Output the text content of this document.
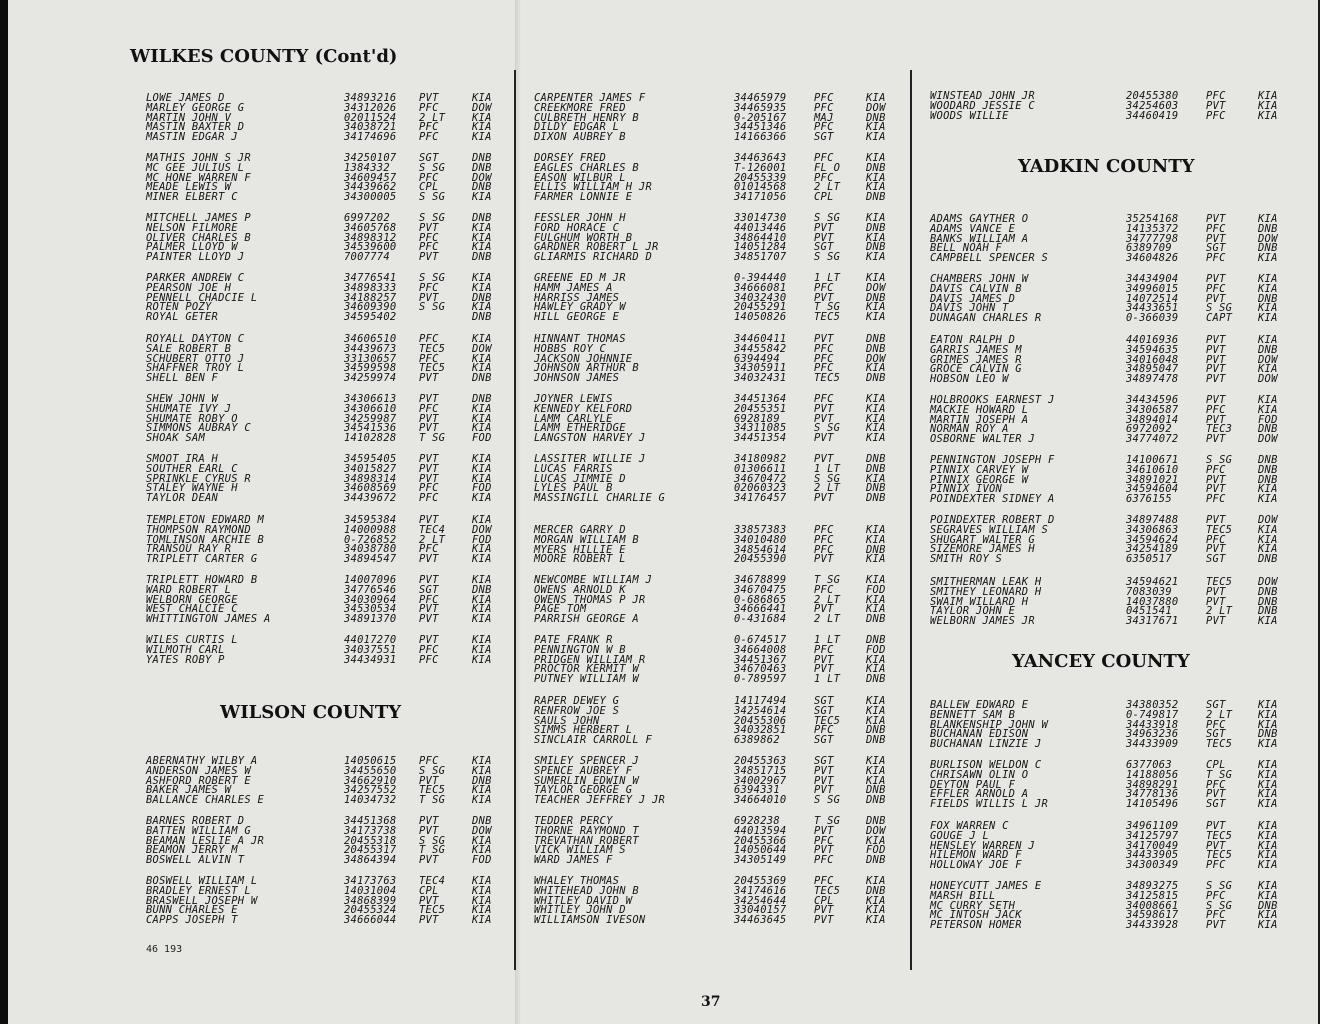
WILKES COUNTY (Cont'd)
WILSON COUNTY
LOWE JAMES D	34893216 PVT	KIA
MARLEY GEORGE G	34312026 PFC	DOW
MARTIN JOHN V	02011524 2 LT	KIA
MASTIN BAXTER D	34038721 PFC	KIA
MASTIN EDGAR J	34174696 PFC	KIA
MATHIS JOHN S JR	34250107 SGT	DNB
MC GEE JULIUS L	1384332	S SG	DNB
MC HONE WARREN F	34609457 PFC	DOW
MEADE LEWIS W	34439662 CPL	DNB
MINER ELBERT C	34300005 S SG	KIA
MITCHELL JAMES P	6997202	S SG	DNB
NELSON FILMORE	34605768 PVT	KIA
OLIVER CHARLES B	34898312 PFC	KIA
PALMER LLOYD W	34539600 PFC	KIA
PAINTER LLOYD J	7007774	PVT	DNB
PARKER ANDREW C	34776541 S SG	KIA
PEARSON JOE H	34898333 PFC	KIA
PENNELL CHADCIE L	34188257 PVT	DNB
ROTEN POZY	34609390 S SG	KIA
ROYAL GETER	34595402	DNB
ROYALL DAYTON C	34606510 PFC	KIA
SALE ROBERT B	34439673 TEC5	DOW
SCHUBERT OTTO J	33130657 PFC	KIA
SHAFFNER TROY L	34599598 TEC5	KIA
SHELL BEN F	34259974 PVT	DNB
SHEW JOHN W	34306613 PVT	DNB
SHUMATE IVY J	34306610 PFC	KIA
SHUMATE ROBY O	34259987 PVT	KIA
SIMMONS AUBRAY C	34541536 PVT	KIA
SHOAK SAM	14102828 T SG	FOD
SMOOT IRA H	34595405 PVT	KIA
SOUTHER EARL C	34015827 PVT	KIA
SPRINKLE CYRUS R	34898314 PVT	KIA
STALEY WAYNE H	34608569 PFC	FOD
TAYLOR DEAN	34439672 PFC	KIA
TEMPLETON EDWARD M	34595384 PVT	KIA
THOMPSON RAYMOND	14000988 TEC4	DOW
TOMLINSON ARCHIE B	0-726852 2 LT	FOD
TRANSOU RAY R	34038780 PFC	KIA
TRIPLETT CARTER G	34894547 PVT	KIA
TRIPLETT HOWARD B	14007096 PVT	KIA
WARD ROBERT L	34776546 SGT	DNB
WELBORN GEORGE	34030964 PFC	KIA
WEST CHALCIE C	34530534 PVT	KIA
WHITTINGTON JAMES A	34891370 PVT	KIA
WILES CURTIS L	44017270 PVT	KIA
WILMOTH CARL	34037551 PFC	KIA
YATES ROBY P	34434931 PFC	KIA
ABERNATHY WILBY A	14050615 PFC	KIA
ANDERSON JAMES W	34455650 S SG	KIA
ASHFORD ROBERT E	34662910 PVT	DNB
BAKER JAMES W	34257552 TEC5	KIA
BALLANCE CHARLES E	14034732 T SG	KIA
BARNES ROBERT D	34451368 PVT	DNB
BATTEN WILLIAM G	34173738 PVT	DOW
BEAMAN LESLIE A JR	20455318 S SG	KIA
BEAMON JERRY M	20455317 T SG	KIA
BOSWELL ALVIN T	34864394 PVT	FOD
BOSWELL WILLIAM L	34173763 TEC4	KIA
BRADLEY ERNEST L	14031004 CPL	KIA
BRASWELL JOSEPH W	34868399 PVT	KIA
BUNN CHARLES E	20455324 TEC5	KIA
CAPPS JOSEPH T	34666044 PVT	KIA
CARPENTER JAMES F	34465979	PFC	KIA
CREEKMORE FRED	34465935	PFC	DOW
CULBRETH HENRY B	0-205167	MAJ	DNB
DILDY EDGAR L	34451346	PFC	KIA
DIXON AUBREY B	14166366	SGT	KIA
DORSEY FRED	34463643	PFC	KIA
EAGLES CHARLES B	T-126001	FL O DNB
EASON WILBUR L	20455339	PFC	KIA
ELLIS WILLIAM H JR	01014568	2 LT KIA
FARMER LONNIE E	34171056	CPL	DNB
FESSLER JOHN H	33014730	S SG KIA
FORD HORACE C	44013446	PVT	DNB
FULGHUM WORTH B	34864410	PVT	KIA
GARDNER ROBERT L JR	14051284	SGT	DNB
GLIARMIS RICHARD D	34851707	S SG KIA
GREENE ED M JR	0-394440	1 LT KIA
HAMM JAMES A	34666081	PFC	DOW
HARRISS JAMES	34032430	PVT	DNB
HAWLEY GRADY W	20455291	T SG KIA
HILL GEORGE E	14050826	TEC5 KIA
HINNANT THOMAS	34460411	PVT	DNB
HOBBS ROY C	34455842	PFC	DNB
JACKSON JOHNNIE	6394494	PFC	DOW
JOHNSON ARTHUR B	34305911	PFC	KIA
JOHNSON JAMES	34032431	TEC5 DNB
JOYNER LEWIS	34451364	PFC	KIA
KENNEDY KELFORD	20455351	PVT	KIA
LAMM CARLYLE	6928189	PVT	KIA
LAMM ETHERIDGE	34311085	S SG KIA
LANGSTON HARVEY J	34451354	PVT	KIA
LASSITER WILLIE J	34180982	PVT	DNB
LUCAS FARRIS	01306611	1 LT DNB
LUCAS JIMMIE D	34670472	S SG KIA
LYLES PAUL B	02060323	2 LT DNB
MASSINGILL CHARLIE G	34176457	PVT	DNB
MERCER GARRY D	33857383	PFC	KIA
MORGAN WILLIAM B	34010480	PFC	KIA
MYERS HILLIE E	34854614	PFC	DNB
MOORE ROBERT L	20455390	PVT	KIA
NEWCOMBE WILLIAM J	34678899	T SG KIA
OWENS ARNOLD K	34670475	PFC	FOD
OWENS THOMAS P JR	0-686865	2 LT KIA
PAGE TOM	34666441	PVT	KIA
PARRISH GEORGE A	0-431684	2 LT DNB
PATE FRANK R	0-674517	1 LT DNB
PENNINGTON W B	34664008	PFC	FOD
PRIDGEN WILLIAM R	34451367	PVT	KIA
PROCTOR KERMIT W	34670463	PVT	KIA
PUTNEY WILLIAM W	0-789597	1 LT DNB
RAPER DEWEY G	14117494	SGT	KIA
RENFROW JOE S	34254614	SGT	KIA
SAULS JOHN	20455306	TEC5 KIA
SIMMS HERBERT L	34032851	PFC	DNB
SINCLAIR CARROLL F	6389862	SGT	DNB
SMILEY SPENCER J	20455363	SGT	KIA
SPENCE AUBREY F	34851715	PVT	KIA
SUMERLIN EDWIN W	34002967	PVT	KIA
TAYLOR GEORGE G	6394331	PVT	DNB
TEACHER JEFFREY J JR	34664010	S SG DNB
TEDDER PERCY	6928238	T SG DNB
THORNE RAYMOND T	44013594	PVT	DOW
TREVATHAN ROBERT	20455366	PFC	KIA
VICK WILLIAM S	14050644	PVT	FOD
WARD JAMES F	34305149	PFC	DNB
WHALEY THOMAS	20455369	PFC	KIA
WHITEHEAD JOHN B	34174616	TEC5 DNB
WHITLEY DAVID W	34254644	CPL	KIA
WHITLEY JOHN D	33040157	PVT	KIA
WILLIAMSON IVESON	34463645	PVT	KIA
YADKIN COUNTY
YANCEY COUNTY
WINSTEAD JOHN JR	20455380	PFC	KIA
WOODARD JESSIE C	34254603	PVT	KIA
WOODS WILLIE	34460419	PFC	KIA
ADAMS GAYTHER O	35254168	PVT	KIA
ADAMS VANCE E	14135372	PFC	DNB
BANKS WILLIAM A	34777798	PVT	DOW
BELL NOAH F	6389709	SGT	DNB
CAMPBELL SPENCER S	34604826	PFC	KIA
CHAMBERS JOHN W	34434904	PVT	KIA
DAVIS CALVIN B	34996015	PFC	KIA
DAVIS JAMES D	14072514	PVT	DNB
DAVIS JOHN T	34433651	S SG KIA
DUNAGAN CHARLES R	0-366039	CAPT KIA
EATON RALPH D	44016936	PVT	KIA
GARRIS JAMES M	34594635	PVT	DNB
GRIMES JAMES R	34016048	PVT	DOW
GROCE CALVIN G	34895047	PVT	KIA
HOBSON LEO W	34897478	PVT	DOW
HOLBROOKS EARNEST J	34434596	PVT	KIA
MACKIE HOWARD L	34306587	PFC	KIA
MARTIN JOSEPH A	34894014	PVT	FOD
NORMAN ROY A	6972092	TEC3 DNB
OSBORNE WALTER J	34774072	PVT	DOW
PENNINGTON JOSEPH F	14100671	S SG DNB
PINNIX CARVEY W	34610610	PFC	DNB
PINNIX GEORGE W	34891021	PVT	DNB
PINNIX IVON	34594604	PVT	KIA
POINDEXTER SIDNEY A	6376155	PFC	KIA
POINDEXTER ROBERT D	34897488	PVT	DOW
SEGRAVES WILLIAM S	34306863	TEC5 KIA
SHUGART WALTER G	34594624	PFC	KIA
SIZEMORE JAMES H	34254189	PVT	KIA
SMITH ROY S	6350517	SGT	DNB
SMITHERMAN LEAK H	34594621	TEC5 DOW
SMITHEY LEONARD H	7083039	PVT	DNB
SWAIM WILLARD H	14037880	PVT	DNB
TAYLOR JOHN E	0451541	2 LT DNB
WELBORN JAMES JR	34317671	PVT	KIA
BALLEW EDWARD E	34380352	SGT	KIA
BENNETT SAM B	0-749817	2 LT KIA
BLANKENSHIP JOHN W	34433918	PFC	KIA
BUCHANAN EDISON	34963236	SGT	DNB
BUCHANAN LINZIE J	34433909	TEC5 KIA
BURLISON WELDON C	6377063	CPL	KIA
CHRISAWN OLIN O	14188056	T SG KIA
DEYTON PAUL F	34898291	PFC	KIA
EFFLER ARNOLD A	34778136	PVT	KIA
FIELDS WILLIS L JR	14105496	SGT	KIA
FOX WARREN C	34961109	PVT	KIA
GOUGE J L	34125797	TEC5 KIA
HENSLEY WARREN J	34170049	PVT	KIA
HILEMON WARD F	34433905	TEC5 KIA
HOLLOWAY JOE F	34300349	PFC	KIA
HONEYCUTT JAMES E	34893275	S SG KIA
MARSH BILL	34125815	PFC	KIA
MC CURRY SETH	34008661	S SG DNB
MC INTOSH JACK	34598617	PFC	KIA
PETERSON HOMER	34433928	PVT	KIA
46 193
37
